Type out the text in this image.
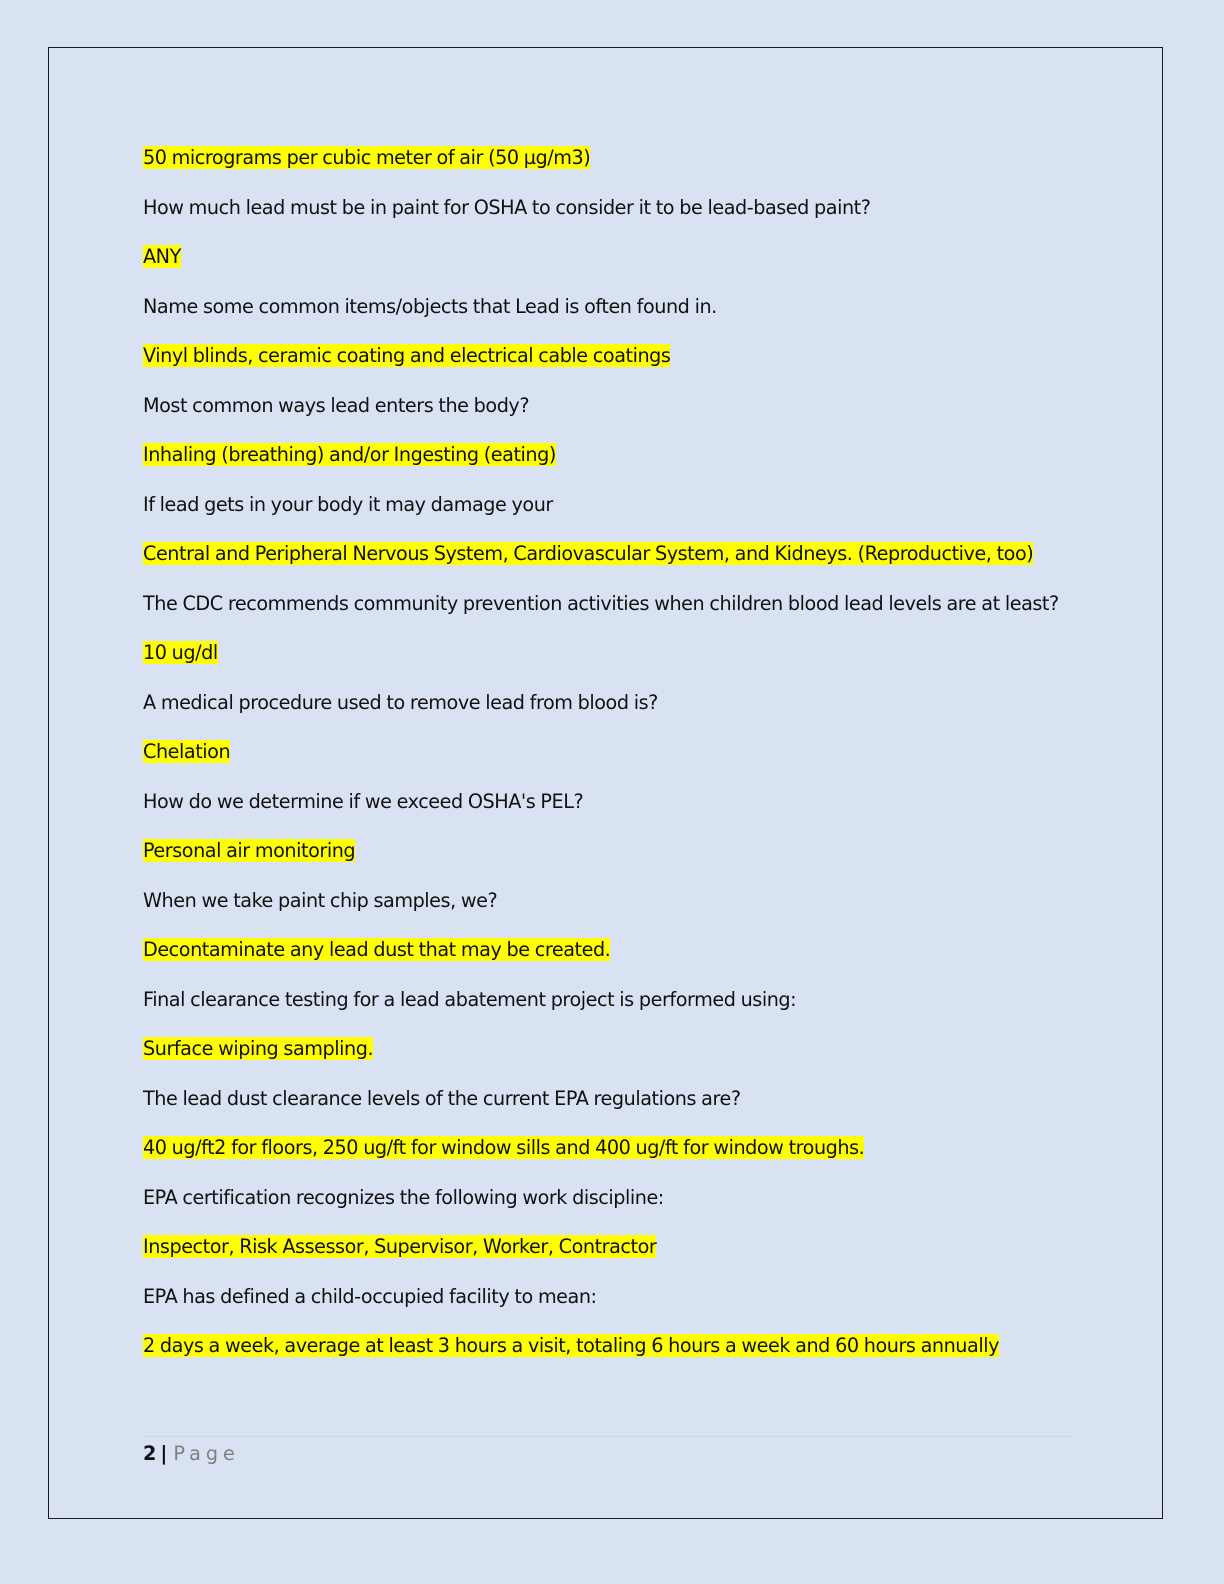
50 micrograms per cubic meter of air (50 µg/m3)

How much lead must be in paint for OSHA to consider it to be lead-based paint?

ANY

Name some common items/objects that Lead is often found in.

Vinyl blinds, ceramic coating and electrical cable coatings

Most common ways lead enters the body?

Inhaling (breathing) and/or Ingesting (eating)

If lead gets in your body it may damage your

Central and Peripheral Nervous System, Cardiovascular System, and Kidneys. (Reproductive, too)

The CDC recommends community prevention activities when children blood lead levels are at least?

10 ug/dl

A medical procedure used to remove lead from blood is?

Chelation

How do we determine if we exceed OSHA's PEL?

Personal air monitoring

When we take paint chip samples, we?

Decontaminate any lead dust that may be created.

Final clearance testing for a lead abatement project is performed using:

Surface wiping sampling.

The lead dust clearance levels of the current EPA regulations are?

40 ug/ft2 for floors, 250 ug/ft for window sills and 400 ug/ft for window troughs.

EPA certification recognizes the following work discipline:

Inspector, Risk Assessor, Supervisor, Worker, Contractor

EPA has defined a child-occupied facility to mean:

2 days a week, average at least 3 hours a visit, totaling 6 hours a week and 60 hours annually

2 | Page
